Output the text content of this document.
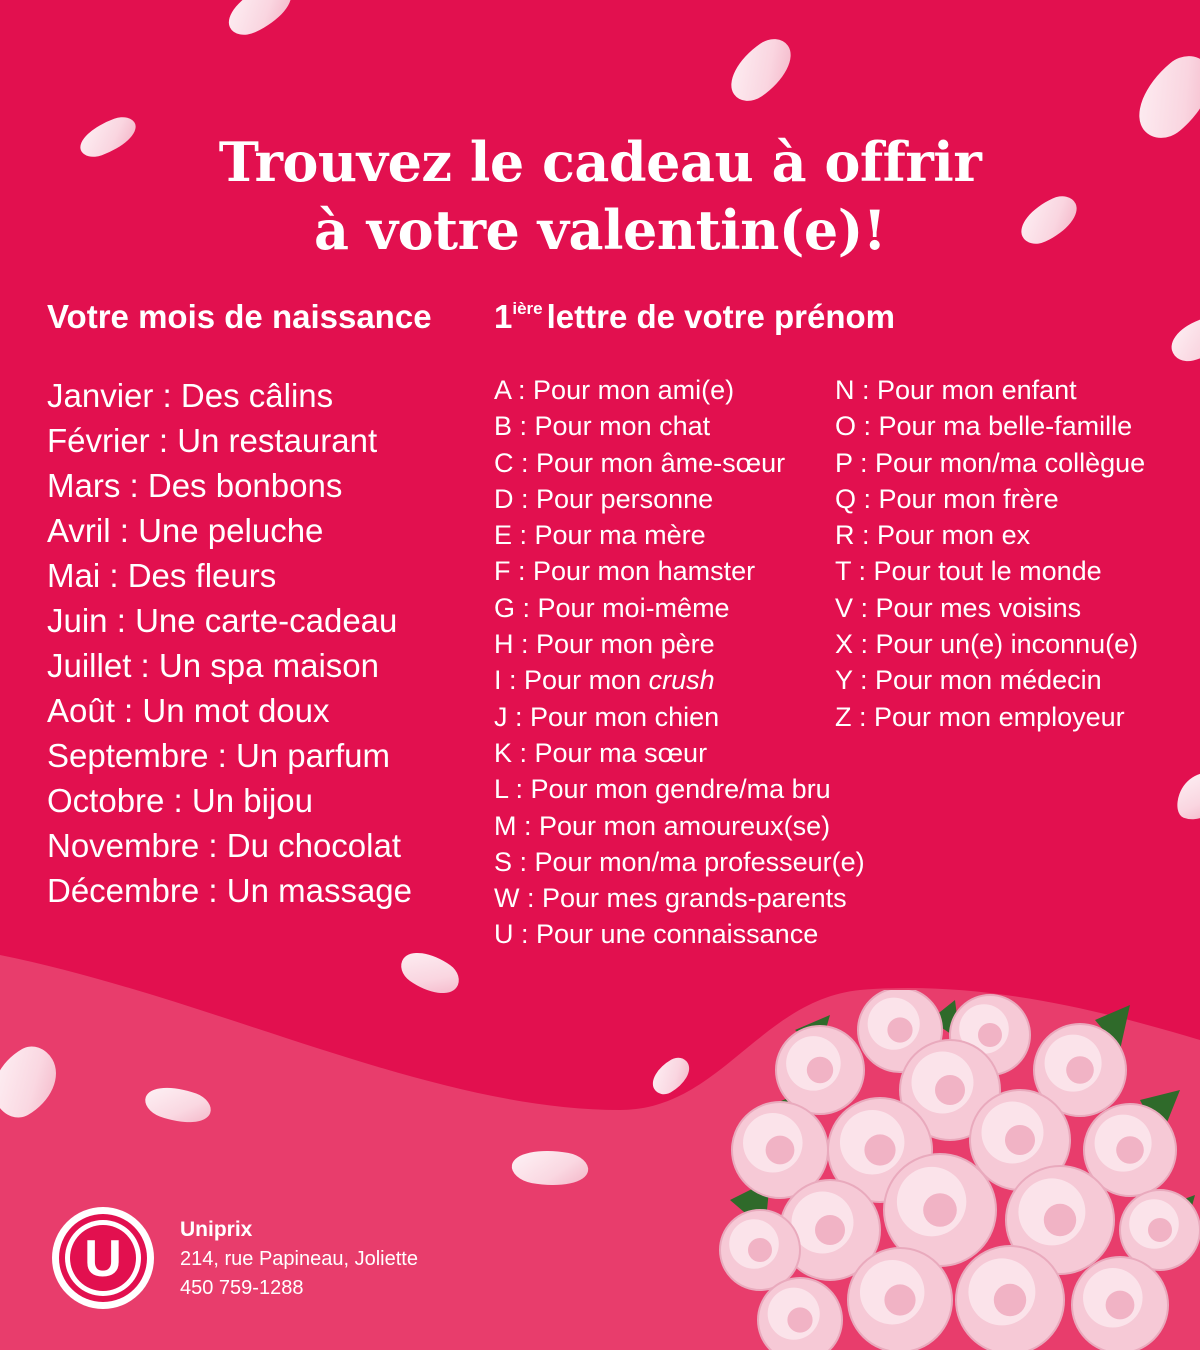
Trouvez le cadeau à offrir
à votre valentin(e)!
Votre mois de naissance $1^{ière}$ lettre de votre prénom
Janvier : Des câlins
Février : Un restaurant
Mars : Des bonbons
Avril : Une peluche
Mai : Des fleurs
Juin : Une carte-cadeau
Juillet : Un spa maison
Août : Un mot doux
Septembre : Un parfum
Octobre : Un bijou
Novembre : Du chocolat
Décembre : Un massage
A : Pour mon ami(e)
B : Pour mon chat
C : Pour mon âme-sœur
D : Pour personne
E : Pour ma mère
F : Pour mon hamster
G : Pour moi-même
H : Pour mon père
I : Pour mon crush
J : Pour mon chien
K : Pour ma sœur
L : Pour mon gendre/ma bru
M : Pour mon amoureux(se)
S : Pour mon/ma professeur(e)
W : Pour mes grands-parents
U : Pour une connaissance
N : Pour mon enfant
O : Pour ma belle-famille
P : Pour mon/ma collègue
Q : Pour mon frère
R : Pour mon ex
T : Pour tout le monde
V : Pour mes voisins
X : Pour un(e) inconnu(e)
Y : Pour mon médecin
Z : Pour mon employeur
U
Uniprix
214, rue Papineau, Joliette
450 759-1288
